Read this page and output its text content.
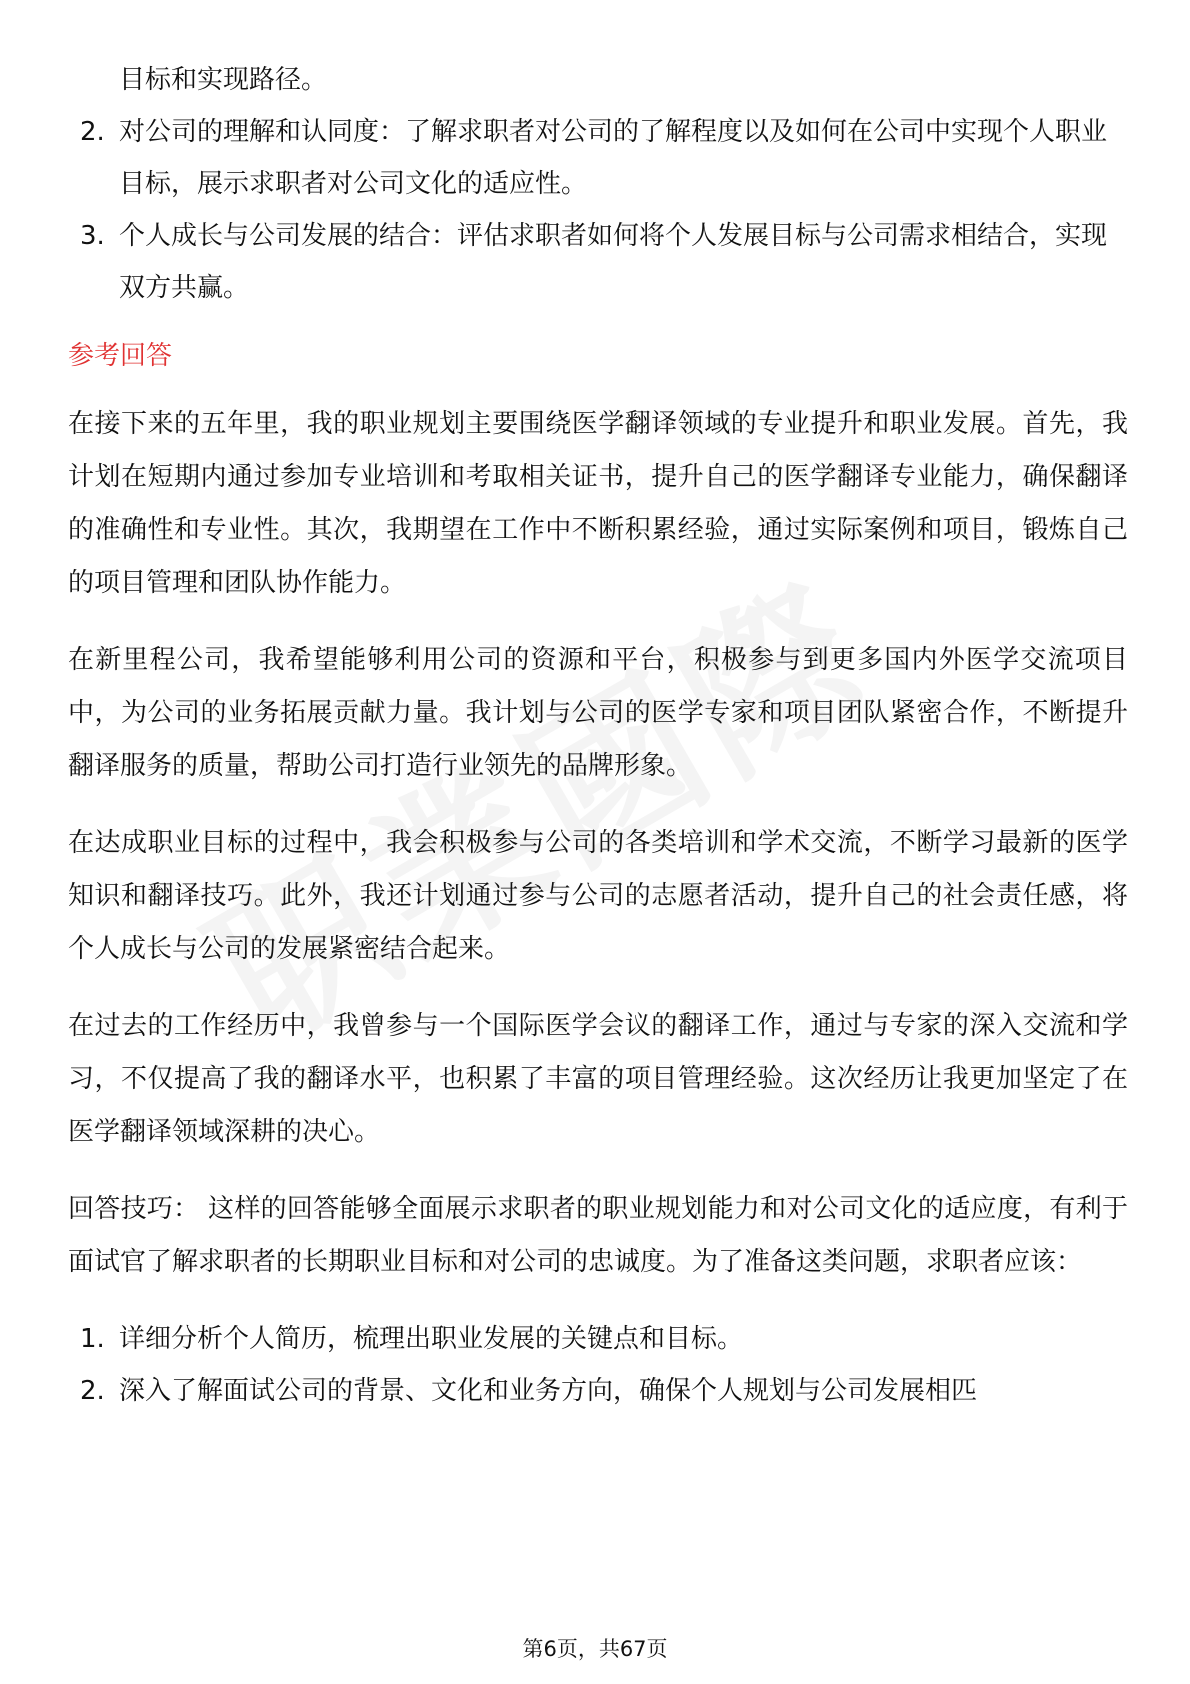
目标和实现路径。
2. 对公司的理解和认同度：了解求职者对公司的了解程度以及如何在公司中实现个人职业目标，展示求职者对公司文化的适应性。
3. 个人成长与公司发展的结合：评估求职者如何将个人发展目标与公司需求相结合，实现双方共赢。
参考回答

在接下来的五年里，我的职业规划主要围绕医学翻译领域的专业提升和职业发展。首先，我计划在短期内通过参加专业培训和考取相关证书，提升自己的医学翻译专业能力，确保翻译的准确性和专业性。其次，我期望在工作中不断积累经验，通过实际案例和项目，锻炼自己的项目管理和团队协作能力。

在新里程公司，我希望能够利用公司的资源和平台，积极参与到更多国内外医学交流项目中，为公司的业务拓展贡献力量。我计划与公司的医学专家和项目团队紧密合作，不断提升翻译服务的质量，帮助公司打造行业领先的品牌形象。

在达成职业目标的过程中，我会积极参与公司的各类培训和学术交流，不断学习最新的医学知识和翻译技巧。此外，我还计划通过参与公司的志愿者活动，提升自己的社会责任感，将个人成长与公司的发展紧密结合起来。

在过去的工作经历中，我曾参与一个国际医学会议的翻译工作，通过与专家的深入交流和学习，不仅提高了我的翻译水平，也积累了丰富的项目管理经验。这次经历让我更加坚定了在医学翻译领域深耕的决心。

回答技巧： 这样的回答能够全面展示求职者的职业规划能力和对公司文化的适应度，有利于面试官了解求职者的长期职业目标和对公司的忠诚度。为了准备这类问题，求职者应该：

1. 详细分析个人简历，梳理出职业发展的关键点和目标。
2. 深入了解面试公司的背景、文化和业务方向，确保个人规划与公司发展相匹
第6页，共67页
